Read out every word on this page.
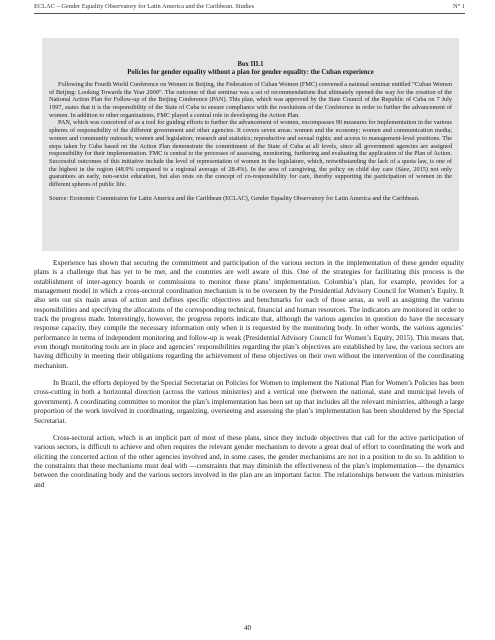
ECLAC – Gender Equality Observatory for Latin America and the Caribbean. Studies	N° 1
Box III.1
Policies for gender equality without a plan for gender equality: the Cuban experience

Following the Fourth World Conference on Women in Beijing, the Federation of Cuban Women (FMC) convened a national seminar entitled “Cuban Women of Beijing: Looking Towards the Year 2000”. The outcome of that seminar was a set of recommendations that ultimately opened the way for the creation of the National Action Plan for Follow-up of the Beijing Conference (PAN). This plan, which was approved by the State Council of the Republic of Cuba on 7 July 1997, states that it is the responsibility of the State of Cuba to ensure compliance with the resolutions of the Conference in order to further the advancement of women. In addition to other organizations, FMC played a central role in developing the Action Plan.

PAN, which was conceived of as a tool for guiding efforts to further the advancement of women, encompasses 90 measures for implementation in the various spheres of responsibility of the different government and other agencies. It covers seven areas: women and the economy; women and communication media; women and community outreach; women and legislation; research and statistics; reproductive and sexual rights; and access to management-level positions. The steps taken by Cuba based on the Action Plan demonstrate the commitment of the State of Cuba at all levels, since all government agencies are assigned responsibility for their implementation. FMC is central to the processes of assessing, monitoring, furthering and evaluating the application of the Plan of Action. Successful outcomes of this initiative include the level of representation of women in the legislature, which, notwithstanding the lack of a quota law, is one of the highest in the region (48.9% compared to a regional average of 28.4%). In the area of caregiving, the policy on child day care (Sáez, 2015) not only guarantees an early, non-sexist education, but also rests on the concept of co-responsibility for care, thereby supporting the participation of women in the different spheres of public life.

Source: Economic Commission for Latin America and the Caribbean (ECLAC), Gender Equality Observatory for Latin America and the Caribbean.

Experience has shown that securing the commitment and participation of the various sectors in the implementation of these gender equality plans is a challenge that has yet to be met, and the countries are well aware of this. One of the strategies for facilitating this process is the establishment of inter-agency boards or commissions to monitor these plans’ implementation. Colombia’s plan, for example, provides for a management model in which a cross-sectoral coordination mechanism is to be overseen by the Presidential Advisory Council for Women’s Equity. It also sets out six main areas of action and defines specific objectives and benchmarks for each of those areas, as well as assigning the various responsibilities and specifying the allocations of the corresponding technical, financial and human resources. The indicators are monitored in order to track the progress made. Interestingly, however, the progress reports indicate that, although the various agencies in question do have the necessary response capacity, they compile the necessary information only when it is requested by the monitoring body. In other words, the various agencies’ performance in terms of independent monitoring and follow-up is weak (Presidential Advisory Council for Women’s Equity, 2015). This means that, even though monitoring tools are in place and agencies’ responsibilities regarding the plan’s objectives are established by law, the various sectors are having difficulty in meeting their obligations regarding the achievement of these objectives on their own without the intervention of the coordinating mechanism.

In Brazil, the efforts deployed by the Special Secretariat on Policies for Women to implement the National Plan for Women’s Policies has been cross-cutting in both a horizontal direction (across the various ministries) and a vertical one (between the national, state and municipal levels of government). A coordinating committee to monitor the plan’s implementation has been set up that includes all the relevant ministries, although a large proportion of the work involved in coordinating, organizing, overseeing and assessing the plan’s implementation has been shouldered by the Special Secretariat.

Cross-sectoral action, which is an implicit part of most of these plans, since they include objectives that call for the active participation of various sectors, is difficult to achieve and often requires the relevant gender mechanism to devote a great deal of effort to coordinating the work and eliciting the concerted action of the other agencies involved and, in some cases, the gender mechanisms are not in a position to do so. In addition to the constraints that these mechanisms must deal with —constraints that may diminish the effectiveness of the plan’s implementation— the dynamics between the coordinating body and the various sectors involved in the plan are an important factor. The relationships between the various ministries and

40
